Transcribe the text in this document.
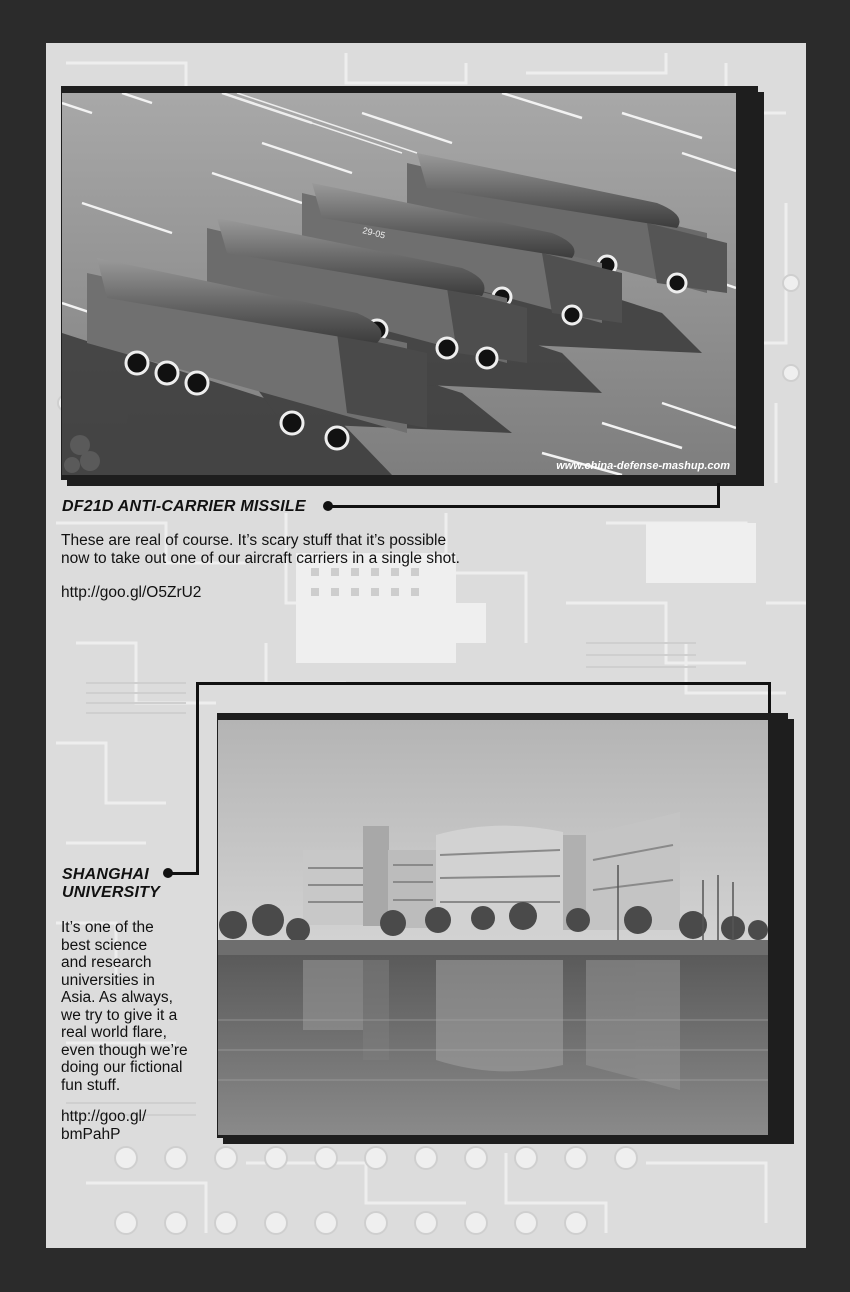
29-05
www.china-defense-mashup.com
DF21D ANTI-CARRIER MISSILE
These are real of course. It’s scary stuff that it’s possible
now to take out one of our aircraft carriers in a single shot.
http://goo.gl/O5ZrU2
SHANGHAI
UNIVERSITY
It’s one of the
best science
and research
universities in
Asia. As always,
we try to give it a
real world flare,
even though we’re
doing our fictional
fun stuff.
http://goo.gl/
bmPahP
